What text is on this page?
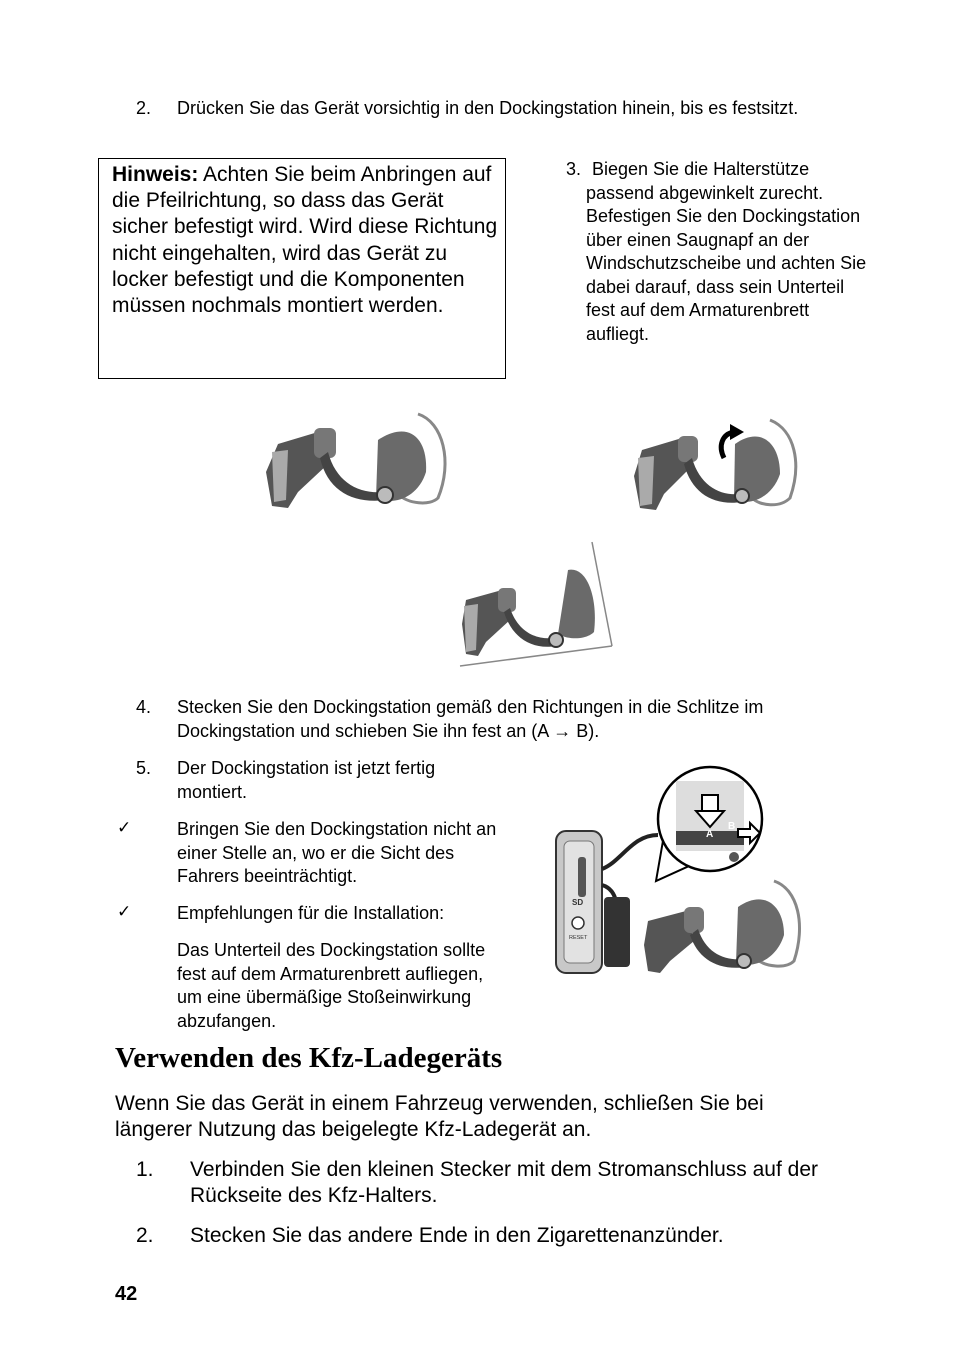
2. Drücken Sie das Gerät vorsichtig in den Dockingstation hinein, bis es festsitzt.
Hinweis: Achten Sie beim Anbringen auf die Pfeilrichtung, so dass das Gerät sicher befestigt wird. Wird diese Richtung nicht eingehalten, wird das Gerät zu locker befestigt und die Komponenten müssen nochmals montiert werden.
3. Biegen Sie die Halterstütze passend abgewinkelt zurecht. Befestigen Sie den Dockingstation über einen Saugnapf an der Windschutzscheibe und achten Sie dabei darauf, dass sein Unterteil fest auf dem Armaturenbrett aufliegt.
4. Stecken Sie den Dockingstation gemäß den Richtungen in die Schlitze im Dockingstation und schieben Sie ihn fest an (A → B).
5. Der Dockingstation ist jetzt fertig montiert.
✓	Bringen Sie den Dockingstation nicht an einer Stelle an, wo er die Sicht des Fahrers beeinträchtigt.
✓	Empfehlungen für die Installation:
Das Unterteil des Dockingstation sollte fest auf dem Armaturenbrett aufliegen, um eine übermäßige Stoßeinwirkung abzufangen.
A
B
SD
RESET
Verwenden des Kfz-Ladegeräts
Wenn Sie das Gerät in einem Fahrzeug verwenden, schließen Sie bei längerer Nutzung das beigelegte Kfz-Ladegerät an.
1. Verbinden Sie den kleinen Stecker mit dem Stromanschluss auf der Rückseite des Kfz-Halters.
2. Stecken Sie das andere Ende in den Zigarettenanzünder.
42
